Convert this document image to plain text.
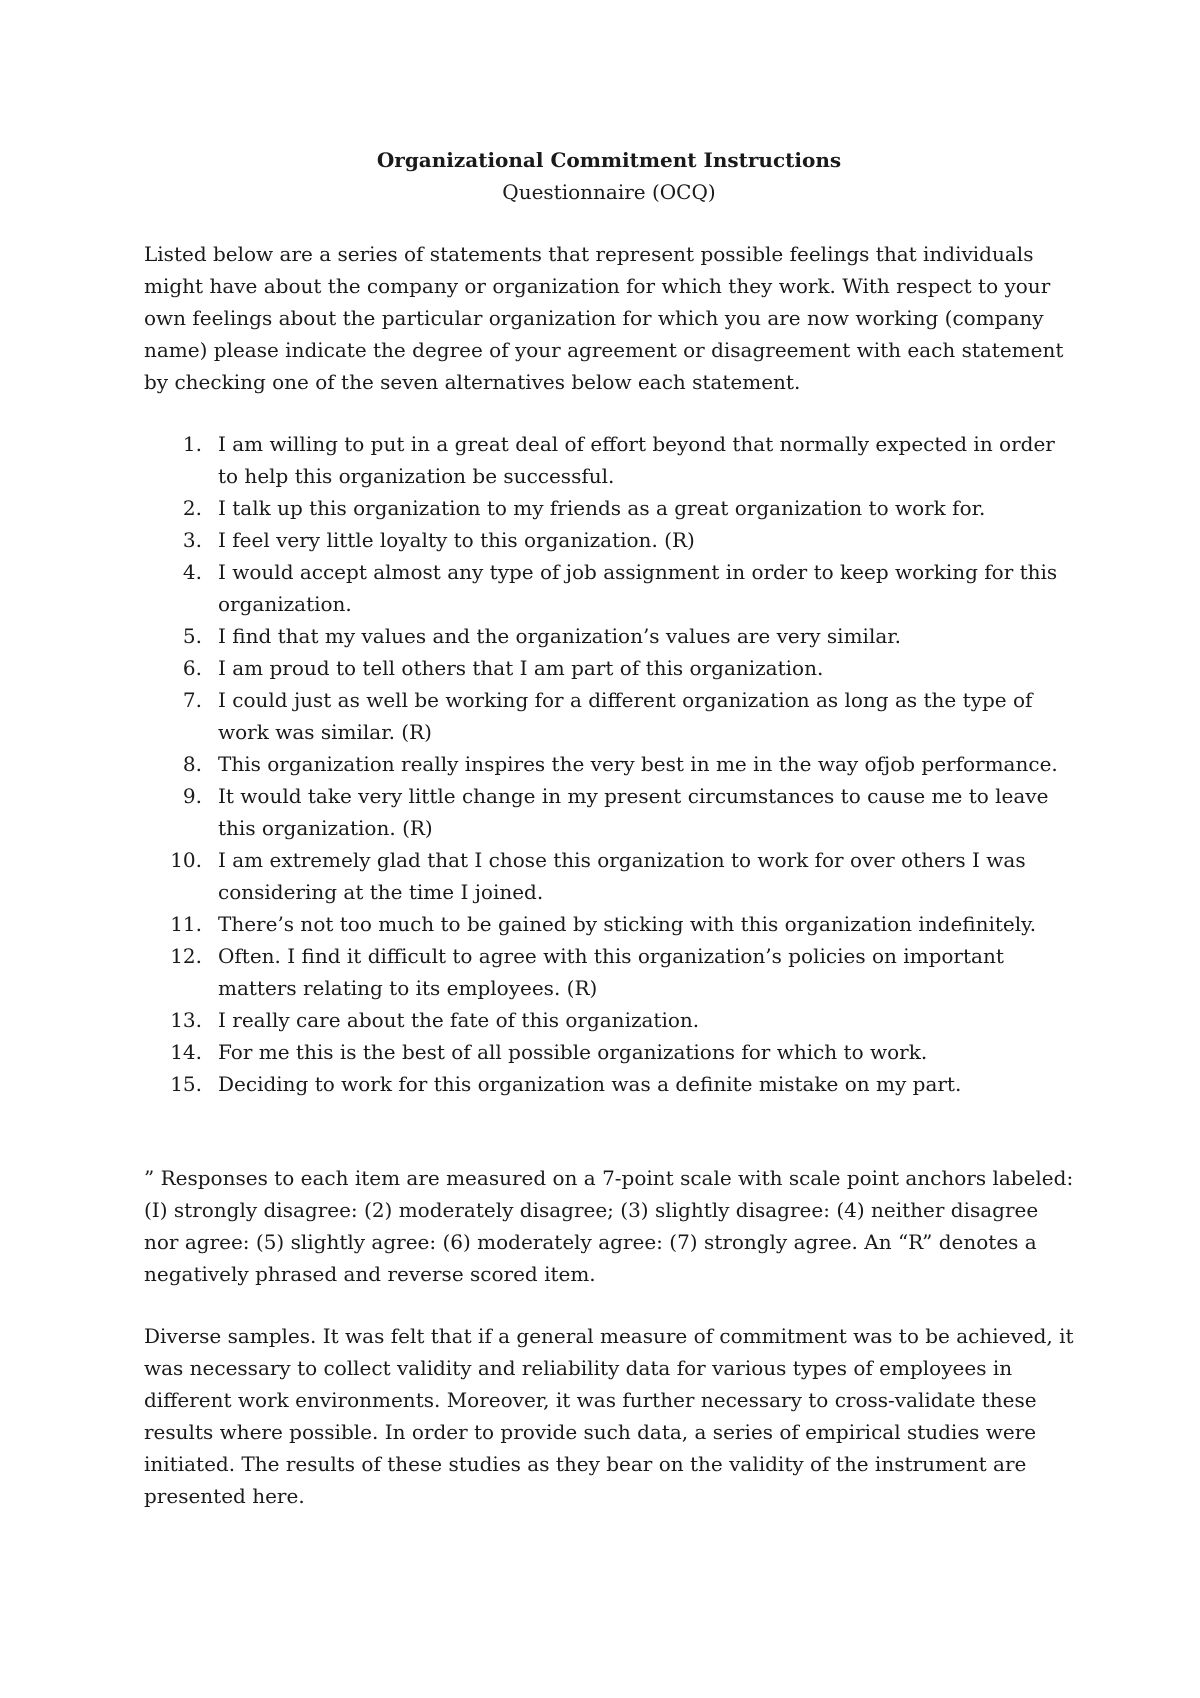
Organizational Commitment Instructions

Questionnaire (OCQ)

Listed below are a series of statements that represent possible feelings that individuals might have about the company or organization for which they work. With respect to your own feelings about the particular organization for which you are now working (company name) please indicate the degree of your agreement or disagreement with each statement by checking one of the seven alternatives below each statement.

1. I am willing to put in a great deal of effort beyond that normally expected in order to help this organization be successful.
2. I talk up this organization to my friends as a great organization to work for.
3. I feel very little loyalty to this organization. (R)
4. I would accept almost any type of job assignment in order to keep working for this organization.
5. I find that my values and the organization’s values are very similar.
6. I am proud to tell others that I am part of this organization.
7. I could just as well be working for a different organization as long as the type of work was similar. (R)
8. This organization really inspires the very best in me in the way ofjob performance.
9. It would take very little change in my present circumstances to cause me to leave this organization. (R)
10. I am extremely glad that I chose this organization to work for over others I was considering at the time I joined.
11. There’s not too much to be gained by sticking with this organization indefinitely.
12. Often. I find it difficult to agree with this organization’s policies on important matters relating to its employees. (R)
13. I really care about the fate of this organization.
14. For me this is the best of all possible organizations for which to work.
15. Deciding to work for this organization was a definite mistake on my part.

” Responses to each item are measured on a 7-point scale with scale point anchors labeled: (I) strongly disagree: (2) moderately disagree; (3) slightly disagree: (4) neither disagree nor agree: (5) slightly agree: (6) moderately agree: (7) strongly agree. An “R” denotes a negatively phrased and reverse scored item.

Diverse samples. It was felt that if a general measure of commitment was to be achieved, it was necessary to collect validity and reliability data for various types of employees in different work environments. Moreover, it was further necessary to cross-validate these results where possible. In order to provide such data, a series of empirical studies were initiated. The results of these studies as they bear on the validity of the instrument are presented here.
